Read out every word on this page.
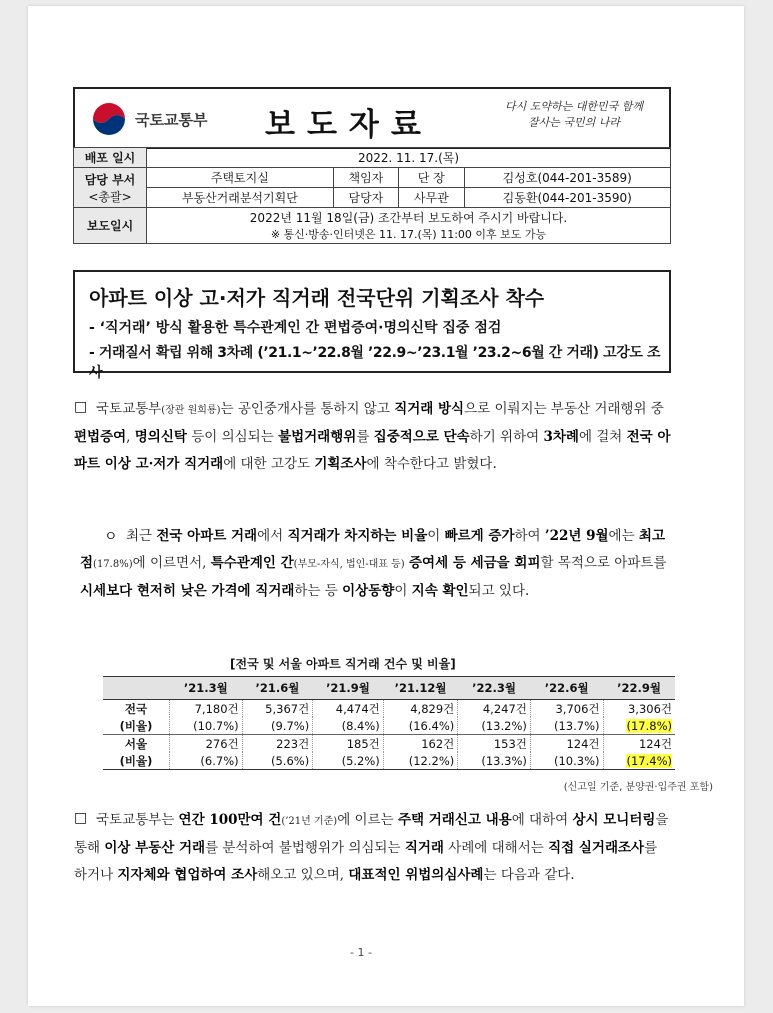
국토교통부 보도자료
다시 도약하는 대한민국 함께 잘사는 국민의 나라
배포 일시	2022. 11. 17.(목)			
담당 부서
<총괄>	주택토지실	책임자	단 장	김성호(044-201-3589)
	부동산거래분석기획단	담당자	사무관	김동환(044-201-3590)
보도일시	2022년 11월 18일(금) 조간부터 보도하여 주시기 바랍니다.
※ 통신·방송·인터넷은 11. 17.(목) 11:00 이후 보도 가능			
아파트 이상 고·저가 직거래 전국단위 기획조사 착수
- ‘직거래’ 방식 활용한 특수관계인 간 편법증여·명의신탁 집중 점검
- 거래질서 확립 위해 3차례 (’21.1~’22.8월 ’22.9~’23.1월 ’23.2~6월 간 거래) 고강도 조사
□ 국토교통부(장관 원희룡)는 공인중개사를 통하지 않고 직거래 방식으로 이뤄지는 부동산 거래행위 중 편법증여, 명의신탁 등이 의심되는 불법거래행위를 집중적으로 단속하기 위하여 3차례에 걸쳐 전국 아파트 이상 고·저가 직거래에 대한 고강도 기획조사에 착수한다고 밝혔다.
ㅇ 최근 전국 아파트 거래에서 직거래가 차지하는 비율이 빠르게 증가하여 ’22년 9월에는 최고점(17.8%)에 이르면서, 특수관계인 간(부모-자식, 법인-대표 등) 증여세 등 세금을 회피할 목적으로 아파트를 시세보다 현저히 낮은 가격에 직거래하는 등 이상동향이 지속 확인되고 있다.
[전국 및 서울 아파트 직거래 건수 및 비율]
	’21.3월	’21.6월	’21.9월	’21.12월	’22.3월	’22.6월	’22.9월
전국	7,180건	5,367건	4,474건	4,829건	4,247건	3,706건	3,306건
(비율)	(10.7%)	(9.7%)	(8.4%)	(16.4%)	(13.2%)	(13.7%)	(17.8%)
서울	276건	223건	185건	162건	153건	124건	124건
(비율)	(6.7%)	(5.6%)	(5.2%)	(12.2%)	(13.3%)	(10.3%)	(17.4%)
(신고일 기준, 분양권·입주권 포함)
□ 국토교통부는 연간 100만여 건(’21년 기준)에 이르는 주택 거래신고 내용에 대하여 상시 모니터링을 통해 이상 부동산 거래를 분석하여 불법행위가 의심되는 직거래 사례에 대해서는 직접 실거래조사를 하거나 지자체와 협업하여 조사해오고 있으며, 대표적인 위법의심사례는 다음과 같다.
- 1 -
